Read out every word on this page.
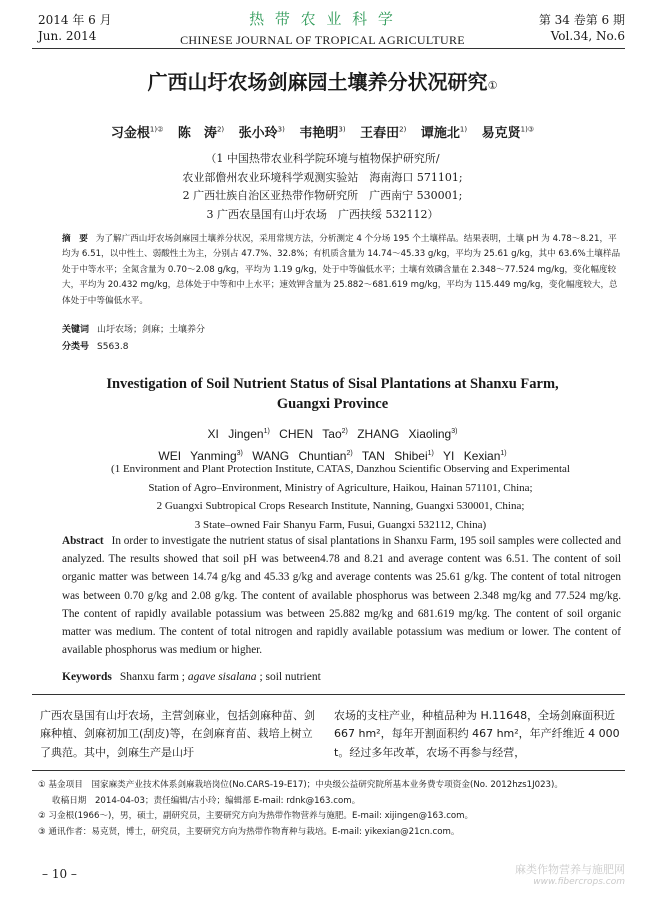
2014 年 6 月
Jun. 2014
热 带 农 业 科 学
CHINESE JOURNAL OF TROPICAL AGRICULTURE
第 34 卷第 6 期
Vol.34, No.6
广西山圩农场剑麻园土壤养分状况研究①
习金根$^{1)②}$ 陈　涛$^{2)}$ 张小玲$^{3)}$ 韦艳明$^{3)}$ 王春田$^{2)}$ 谭施北$^{1)}$ 易克贤$^{1)③}$
（1 中国热带农业科学院环境与植物保护研究所/
农业部儋州农业环境科学观测实验站　海南海口 571101;
2 广西壮族自治区亚热带作物研究所　广西南宁 530001;
3 广西农垦国有山圩农场　广西扶绥 532112）
摘　要 为了解广西山圩农场剑麻园土壤养分状况，采用常规方法，分析测定 4 个分场 195 个土壤样品。结果表明，土壤 pH 为 4.78～8.21，平均为 6.51，以中性土、弱酸性土为主，分别占 47.7%、32.8%；有机质含量为 14.74～45.33 g/kg，平均为 25.61 g/kg，其中 63.6%土壤样品处于中等水平；全氮含量为 0.70～2.08 g/kg，平均为 1.19 g/kg，处于中等偏低水平；土壤有效磷含量在 2.348～77.524 mg/kg，变化幅度较大，平均为 20.432 mg/kg，总体处于中等和中上水平；速效钾含量为 25.882～681.619 mg/kg，平均为 115.449 mg/kg，变化幅度较大，总体处于中等偏低水平。
关键词 山圩农场；剑麻；土壤养分
分类号 S563.8
Investigation of Soil Nutrient Status of Sisal Plantations at Shanxu Farm,
Guangxi Province
XI Jingen$^{1)}$ CHEN Tao$^{2)}$ ZHANG Xiaoling$^{3)}$
WEI Yanming$^{3)}$ WANG Chuntian$^{2)}$ TAN Shibei$^{1)}$ YI Kexian$^{1)}$
(1 Environment and Plant Protection Institute, CATAS, Danzhou Scientific Observing and Experimental
Station of Agro–Environment, Ministry of Agriculture, Haikou, Hainan 571101, China;
2 Guangxi Subtropical Crops Research Institute, Nanning, Guangxi 530001, China;
3 State–owned Fair Shanyu Farm, Fusui, Guangxi 532112, China)
Abstract In order to investigate the nutrient status of sisal plantations in Shanxu Farm, 195 soil samples were collected and analyzed. The results showed that soil pH was between4.78 and 8.21 and average content was 6.51. The content of soil organic matter was between 14.74 g/kg and 45.33 g/kg and average contents was 25.61 g/kg. The content of total nitrogen was between 0.70 g/kg and 2.08 g/kg. The content of available phosphorus was between 2.348 mg/kg and 77.524 mg/kg. The content of rapidly available potassium was between 25.882 mg/kg and 681.619 mg/kg. The content of soil organic matter was medium. The content of total nitrogen and rapidly available potassium was medium or lower. The content of available phosphorus was medium or higher.
Keywords Shanxu farm ; agave sisalana ; soil nutrient
广西农垦国有山圩农场，主营剑麻业，包括剑麻种苗、剑麻种植、剑麻初加工(刮皮)等，在剑麻育苗、栽培上树立了典范。其中，剑麻生产是山圩
农场的支柱产业，种植品种为 H.11648，全场剑麻面积近 667 hm²，每年开割面积约 467 hm²，年产纤维近 4 000 t。经过多年改革，农场不再参与经营，
① 基金项目　国家麻类产业技术体系剑麻栽培岗位(No.CARS-19-E17)；中央级公益研究院所基本业务费专项资金(No. 2012hzs1J023)。
收稿日期　2014-04-03；责任编辑/古小玲；编辑部 E-mail: rdnk@163.com。
② 习金根(1966～)，男，硕士，副研究员，主要研究方向为热带作物营养与施肥。E-mail: xijingen@163.com。
③ 通讯作者：易克贤，博士，研究员，主要研究方向为热带作物育种与栽培。E-mail: yikexian@21cn.com。
– 10 –	麻类作物营养与施肥网
www.fibercrops.com
